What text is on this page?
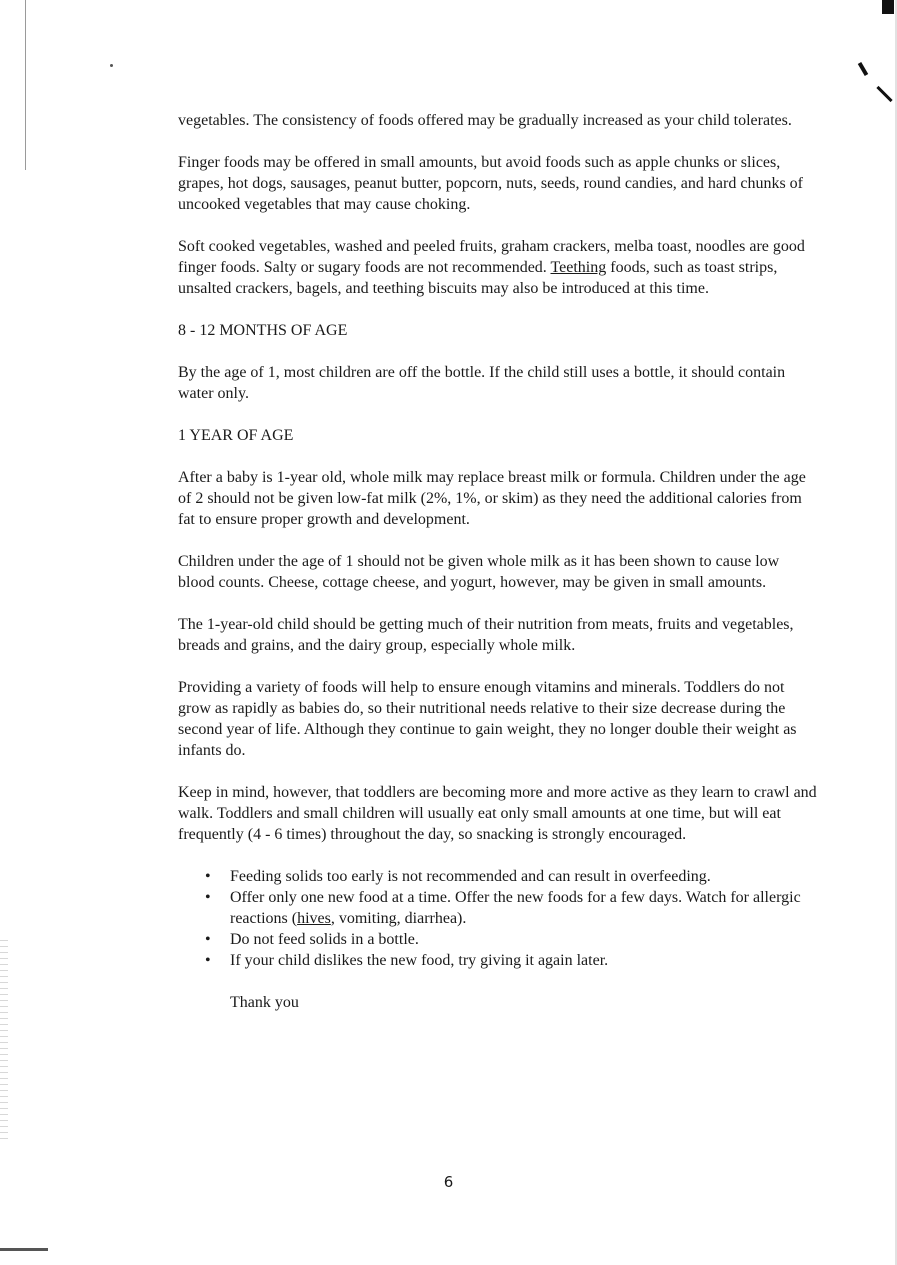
vegetables. The consistency of foods offered may be gradually increased as your child tolerates.

Finger foods may be offered in small amounts, but avoid foods such as apple chunks or slices, grapes, hot dogs, sausages, peanut butter, popcorn, nuts, seeds, round candies, and hard chunks of uncooked vegetables that may cause choking.

Soft cooked vegetables, washed and peeled fruits, graham crackers, melba toast, noodles are good finger foods. Salty or sugary foods are not recommended. Teething foods, such as toast strips, unsalted crackers, bagels, and teething biscuits may also be introduced at this time.

8 - 12 MONTHS OF AGE

By the age of 1, most children are off the bottle. If the child still uses a bottle, it should contain water only.

1 YEAR OF AGE

After a baby is 1-year old, whole milk may replace breast milk or formula. Children under the age of 2 should not be given low-fat milk (2%, 1%, or skim) as they need the additional calories from fat to ensure proper growth and development.

Children under the age of 1 should not be given whole milk as it has been shown to cause low blood counts. Cheese, cottage cheese, and yogurt, however, may be given in small amounts.

The 1-year-old child should be getting much of their nutrition from meats, fruits and vegetables, breads and grains, and the dairy group, especially whole milk.

Providing a variety of foods will help to ensure enough vitamins and minerals. Toddlers do not grow as rapidly as babies do, so their nutritional needs relative to their size decrease during the second year of life. Although they continue to gain weight, they no longer double their weight as infants do.

Keep in mind, however, that toddlers are becoming more and more active as they learn to crawl and walk. Toddlers and small children will usually eat only small amounts at one time, but will eat frequently (4 - 6 times) throughout the day, so snacking is strongly encouraged.

• Feeding solids too early is not recommended and can result in overfeeding.
• Offer only one new food at a time. Offer the new foods for a few days. Watch for allergic reactions (hives, vomiting, diarrhea).
• Do not feed solids in a bottle.
• If your child dislikes the new food, try giving it again later.

Thank you

6
